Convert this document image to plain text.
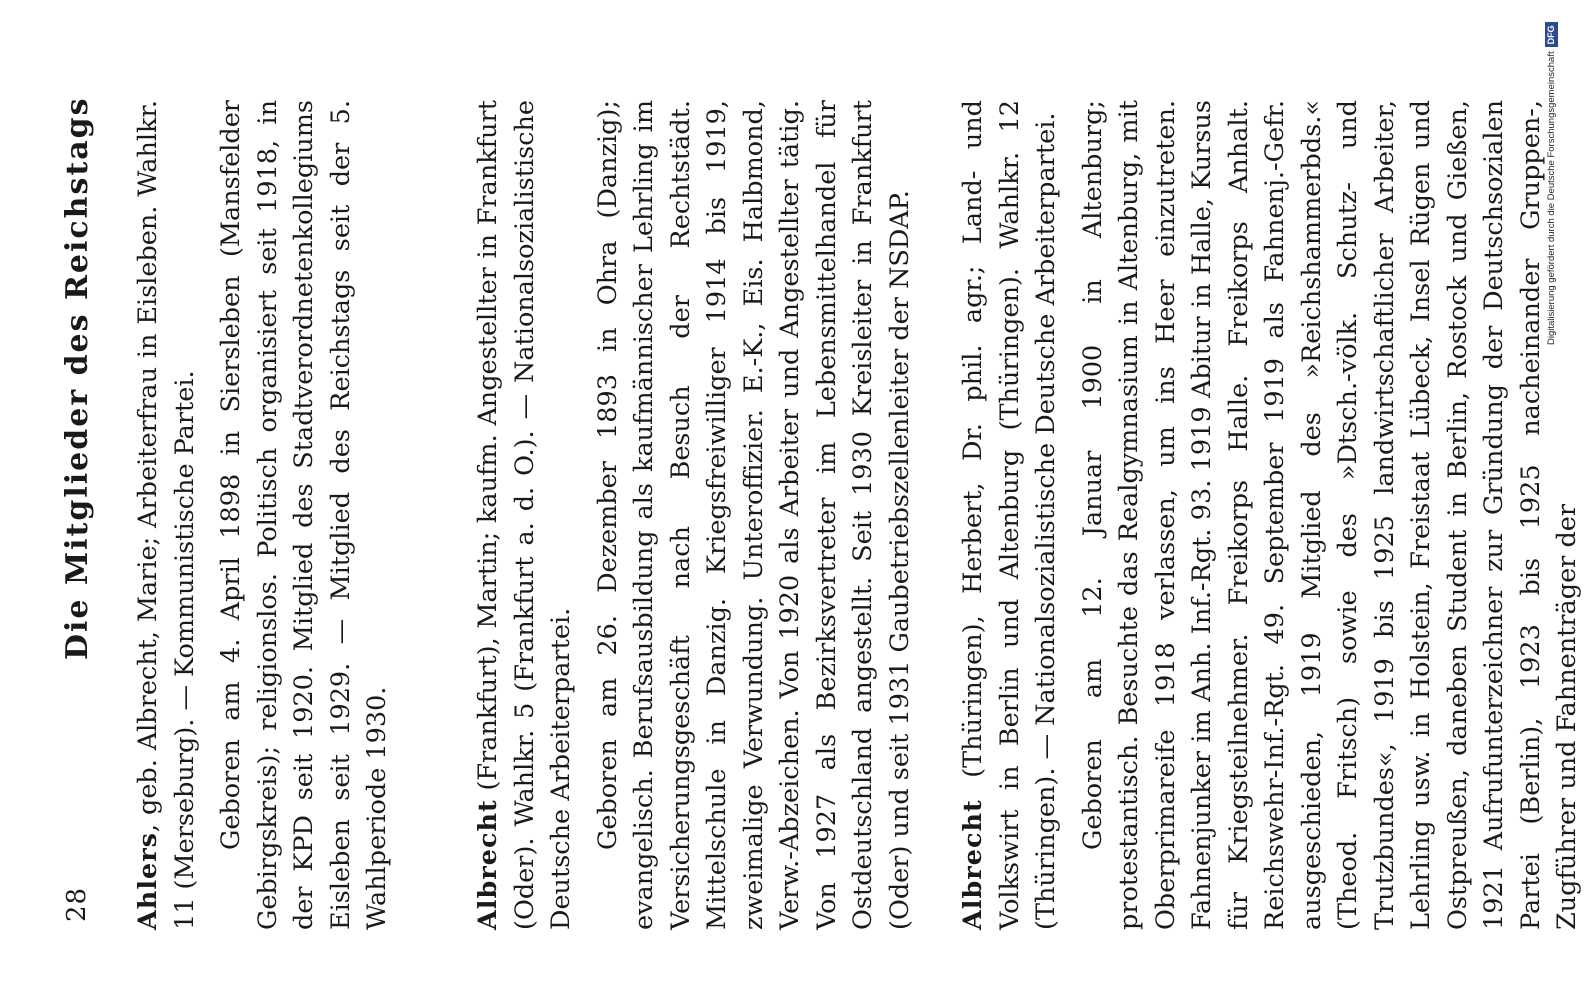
28
Die Mitglieder des Reichstags

Ahlers, geb. Albrecht, Marie; Arbeiterfrau in Eisleben. Wahlkr. 11 (Merseburg). — Kommunistische Partei. Geboren am 4. April 1898 in Siersleben (Mansfelder Gebirgskreis); religionslos. Politisch organisiert seit 1918, in der KPD seit 1920. Mitglied des Stadtverordnetenkollegiums Eisleben seit 1929. — Mitglied des Reichstags seit der 5. Wahlperiode 1930.	Albrecht (Frankfurt), Martin; kaufm. Angestellter in Frankfurt (Oder). Wahlkr. 5 (Frankfurt a. d. O.). — Nationalsozialistische Deutsche Arbeiterpartei. Geboren am 26. Dezember 1893 in Ohra (Danzig); evangelisch. Berufsausbildung als kaufmännischer Lehrling im Versicherungsgeschäft nach Besuch der Rechtstädt. Mittelschule in Danzig. Kriegsfreiwilliger 1914 bis 1919, zweimalige Verwundung. Unteroffizier. E.-K., Eis. Halbmond, Verw.-Abzeichen. Von 1920 als Arbeiter und Angestellter tätig. Von 1927 als Bezirksvertreter im Lebensmittelhandel für Ostdeutschland angestellt. Seit 1930 Kreisleiter in Frankfurt (Oder) und seit 1931 Gaubetriebszellenleiter der NSDAP. Albrecht (Thüringen), Herbert, Dr. phil. agr.; Land- und Volkswirt in Berlin und Altenburg (Thüringen). Wahlkr. 12 (Thüringen). — Nationalsozialistische Deutsche Arbeiterpartei. Geboren am 12. Januar 1900 in Altenburg; protestantisch. Besuchte das Realgymnasium in Altenburg, mit Oberprimareife 1918 verlassen, um ins Heer einzutreten. Fahnenjunker im Anh. Inf.-Rgt. 93. 1919 Abitur in Halle, Kursus für Kriegsteilnehmer. Freikorps Halle. Freikorps Anhalt. Reichswehr-Inf.-Rgt. 49. September 1919 als Fahnenj.-Gefr. ausgeschieden, 1919 Mitglied des »Reichshammerbds.« (Theod. Fritsch) sowie des »Dtsch.-völk. Schutz- und Trutzbundes«, 1919 bis 1925 landwirtschaftlicher Arbeiter, Lehrling usw. in Holstein, Freistaat Lübeck, Insel Rügen und Ostpreußen, daneben Student in Berlin, Rostock und Gießen, 1921 Aufrufunterzeichner zur Gründung der Deutschsozialen Partei (Berlin), 1923 bis 1925 nacheinander Gruppen-, Zugführer und Fahnenträger der

Digitalisierung gefördert durch die Deutsche ForschungsgemeinschaftDFG
